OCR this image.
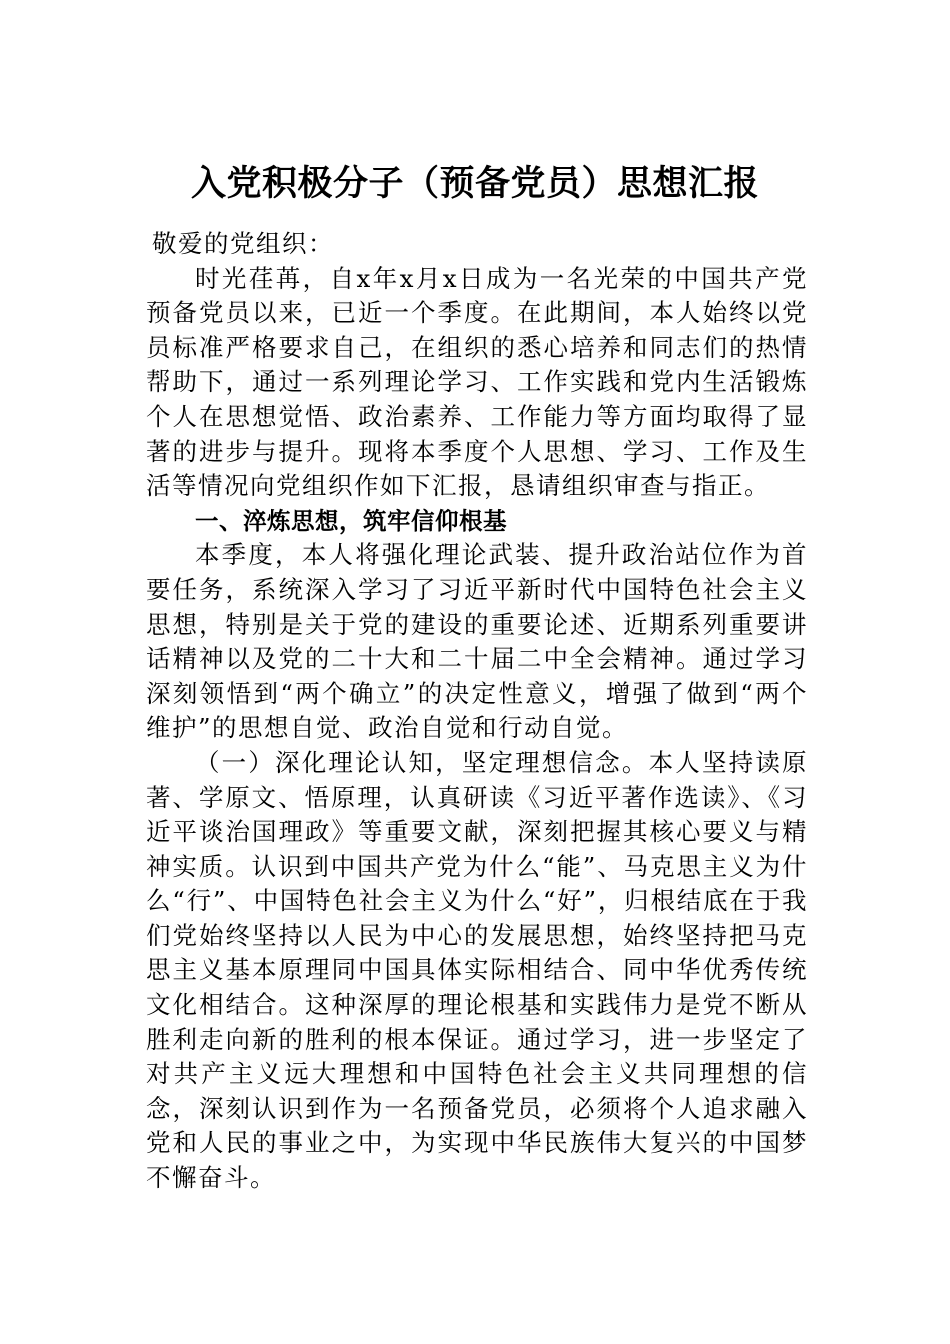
入党积极分子（预备党员）思想汇报

敬爱的党组织：

时光荏苒，自x年x月x日成为一名光荣的中国共产党预备党员以来，已近一个季度。在此期间，本人始终以党员标准严格要求自己，在组织的悉心培养和同志们的热情帮助下，通过一系列理论学习、工作实践和党内生活锻炼个人在思想觉悟、政治素养、工作能力等方面均取得了显著的进步与提升。现将本季度个人思想、学习、工作及生活等情况向党组织作如下汇报，恳请组织审查与指正。

一、淬炼思想，筑牢信仰根基

本季度，本人将强化理论武装、提升政治站位作为首要任务，系统深入学习了习近平新时代中国特色社会主义思想，特别是关于党的建设的重要论述、近期系列重要讲话精神以及党的二十大和二十届二中全会精神。通过学习深刻领悟到“两个确立”的决定性意义，增强了做到“两个维护”的思想自觉、政治自觉和行动自觉。

（一）深化理论认知，坚定理想信念。本人坚持读原著、学原文、悟原理，认真研读《习近平著作选读》、《习近平谈治国理政》等重要文献，深刻把握其核心要义与精神实质。认识到中国共产党为什么“能”、马克思主义为什么“行”、中国特色社会主义为什么“好”，归根结底在于我们党始终坚持以人民为中心的发展思想，始终坚持把马克思主义基本原理同中国具体实际相结合、同中华优秀传统文化相结合。这种深厚的理论根基和实践伟力是党不断从胜利走向新的胜利的根本保证。通过学习，进一步坚定了对共产主义远大理想和中国特色社会主义共同理想的信念，深刻认识到作为一名预备党员，必须将个人追求融入党和人民的事业之中，为实现中华民族伟大复兴的中国梦不懈奋斗。
